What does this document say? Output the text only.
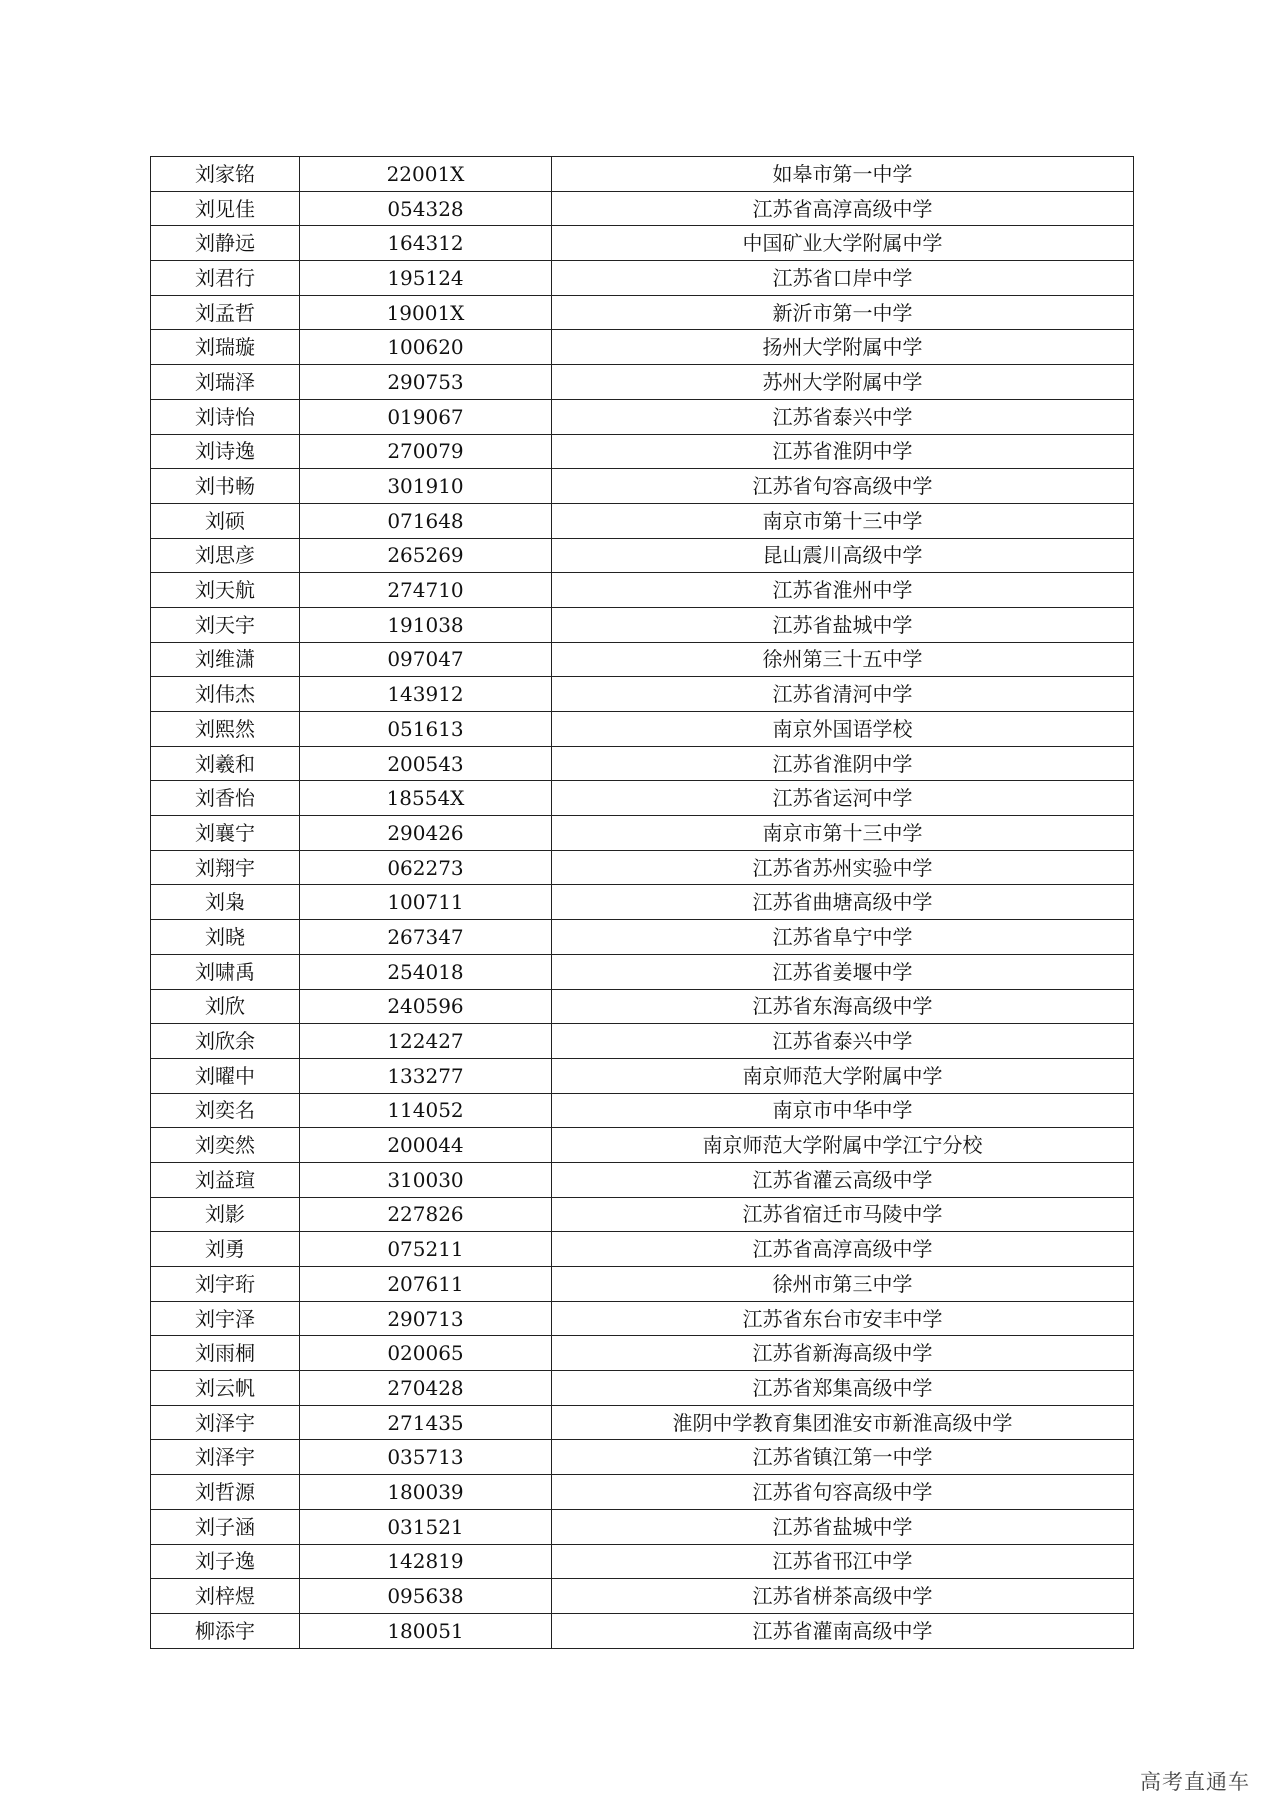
刘家铭	22001X	如皋市第一中学
刘见佳	054328	江苏省高淳高级中学
刘静远	164312	中国矿业大学附属中学
刘君行	195124	江苏省口岸中学
刘孟哲	19001X	新沂市第一中学
刘瑞璇	100620	扬州大学附属中学
刘瑞泽	290753	苏州大学附属中学
刘诗怡	019067	江苏省泰兴中学
刘诗逸	270079	江苏省淮阴中学
刘书畅	301910	江苏省句容高级中学
刘硕	071648	南京市第十三中学
刘思彦	265269	昆山震川高级中学
刘天航	274710	江苏省淮州中学
刘天宇	191038	江苏省盐城中学
刘维潇	097047	徐州第三十五中学
刘伟杰	143912	江苏省清河中学
刘熙然	051613	南京外国语学校
刘羲和	200543	江苏省淮阴中学
刘香怡	18554X	江苏省运河中学
刘襄宁	290426	南京市第十三中学
刘翔宇	062273	江苏省苏州实验中学
刘枭	100711	江苏省曲塘高级中学
刘晓	267347	江苏省阜宁中学
刘啸禹	254018	江苏省姜堰中学
刘欣	240596	江苏省东海高级中学
刘欣余	122427	江苏省泰兴中学
刘曜中	133277	南京师范大学附属中学
刘奕名	114052	南京市中华中学
刘奕然	200044	南京师范大学附属中学江宁分校
刘益瑄	310030	江苏省灌云高级中学
刘影	227826	江苏省宿迁市马陵中学
刘勇	075211	江苏省高淳高级中学
刘宇珩	207611	徐州市第三中学
刘宇泽	290713	江苏省东台市安丰中学
刘雨桐	020065	江苏省新海高级中学
刘云帆	270428	江苏省郑集高级中学
刘泽宇	271435	淮阴中学教育集团淮安市新淮高级中学
刘泽宇	035713	江苏省镇江第一中学
刘哲源	180039	江苏省句容高级中学
刘子涵	031521	江苏省盐城中学
刘子逸	142819	江苏省邗江中学
刘梓煜	095638	江苏省栟茶高级中学
柳添宇	180051	江苏省灌南高级中学
高考直通车
